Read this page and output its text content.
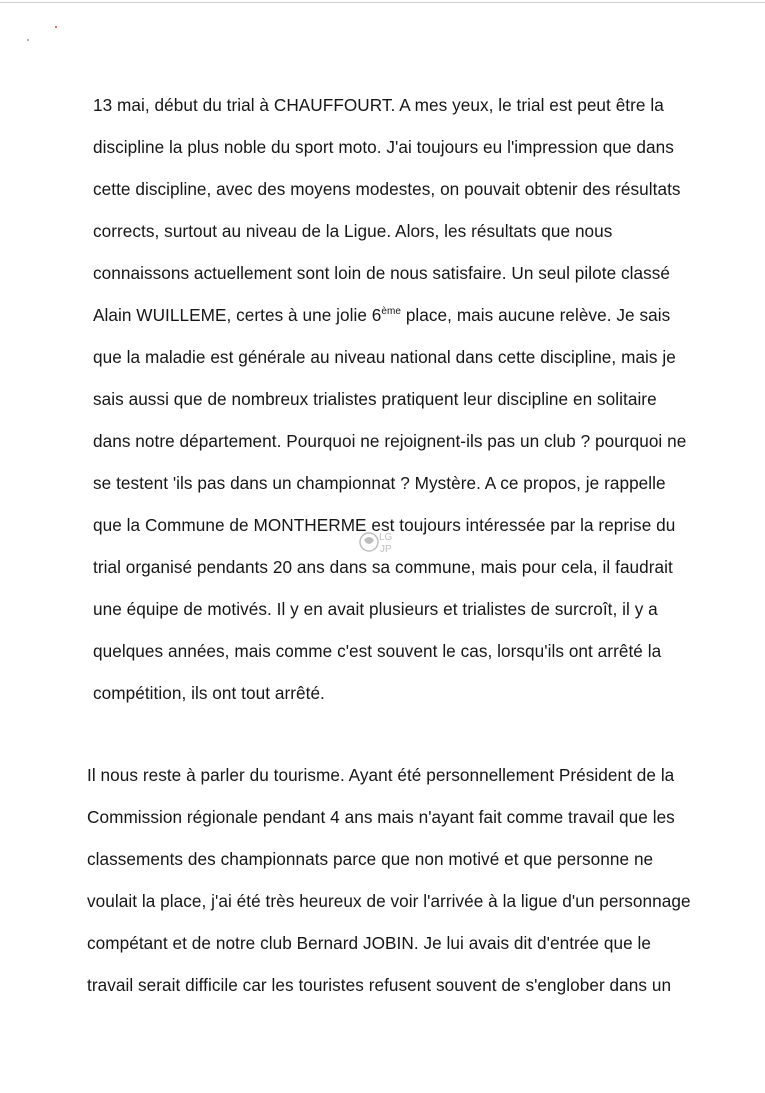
13 mai, début du trial à CHAUFFOURT. A mes yeux, le trial est peut être la
discipline la plus noble du sport moto. J'ai toujours eu l'impression que dans
cette discipline, avec des moyens modestes, on pouvait obtenir des résultats
corrects, surtout au niveau de la Ligue. Alors, les résultats que nous
connaissons actuellement sont loin de nous satisfaire. Un seul pilote classé
Alain WUILLEME, certes à une jolie 6ème place, mais aucune relève. Je sais
que la maladie est générale au niveau national dans cette discipline, mais je
sais aussi que de nombreux trialistes pratiquent leur discipline en solitaire
dans notre département. Pourquoi ne rejoignent-ils pas un club ? pourquoi ne
se testent 'ils pas dans un championnat ? Mystère. A ce propos, je rappelle
que la Commune de MONTHERME est toujours intéressée par la reprise du
trial organisé pendants 20 ans dans sa commune, mais pour cela, il faudrait
une équipe de motivés. Il y en avait plusieurs et trialistes de surcroît, il y a
quelques années, mais comme c'est souvent le cas, lorsqu'ils ont arrêté la
compétition, ils ont tout arrêté.
LG
JP
Il nous reste à parler du tourisme. Ayant été personnellement Président de la
Commission régionale pendant 4 ans mais n'ayant fait comme travail que les
classements des championnats parce que non motivé et que personne ne
voulait la place, j'ai été très heureux de voir l'arrivée à la ligue d'un personnage
compétant et de notre club Bernard JOBIN. Je lui avais dit d'entrée que le
travail serait difficile car les touristes refusent souvent de s'englober dans un
